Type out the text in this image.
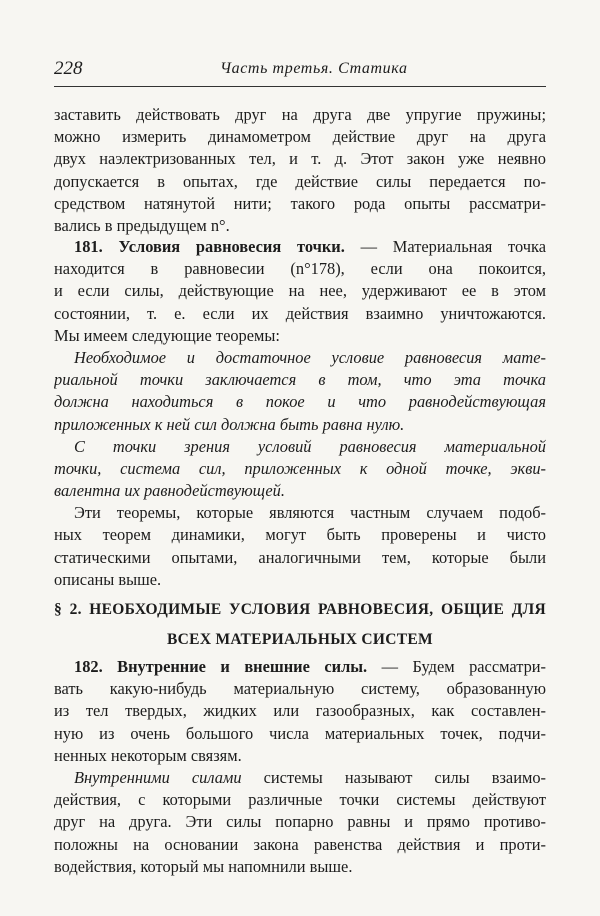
228	Часть третья. Статика
заставить действовать друг на друга две упругие пружины;
можно измерить динамометром действие друг на друга
двух наэлектризованных тел, и т. д. Этот закон уже неявно
допускается в опытах, где действие силы передается по-
средством натянутой нити; такого рода опыты рассматри-
вались в предыдущем n°.
181. Условия равновесия точки. — Материальная точка
находится в равновесии (n°178), если она покоится,
и если силы, действующие на нее, удерживают ее в этом
состоянии, т. е. если их действия взаимно уничтожаются.
Мы имеем следующие теоремы:
Необходимое и достаточное условие равновесия мате-
риальной точки заключается в том, что эта точка
должна находиться в покое и что равнодействующая
приложенных к ней сил должна быть равна нулю.
С точки зрения условий равновесия материальной
точки, система сил, приложенных к одной точке, экви-
валентна их равнодействующей.
Эти теоремы, которые являются частным случаем подоб-
ных теорем динамики, могут быть проверены и чисто
статическими опытами, аналогичными тем, которые были
описаны выше.
§ 2. НЕОБХОДИМЫЕ УСЛОВИЯ РАВНОВЕСИЯ, ОБЩИЕ ДЛЯ
ВСЕХ МАТЕРИАЛЬНЫХ СИСТЕМ
182. Внутренние и внешние силы. — Будем рассматри-
вать какую-нибудь материальную систему, образованную
из тел твердых, жидких или газообразных, как составлен-
ную из очень большого числа материальных точек, подчи-
ненных некоторым связям.
Внутренними силами системы называют силы взаимо-
действия, с которыми различные точки системы действуют
друг на друга. Эти силы попарно равны и прямо противо-
положны на основании закона равенства действия и проти-
водействия, который мы напомнили выше.
